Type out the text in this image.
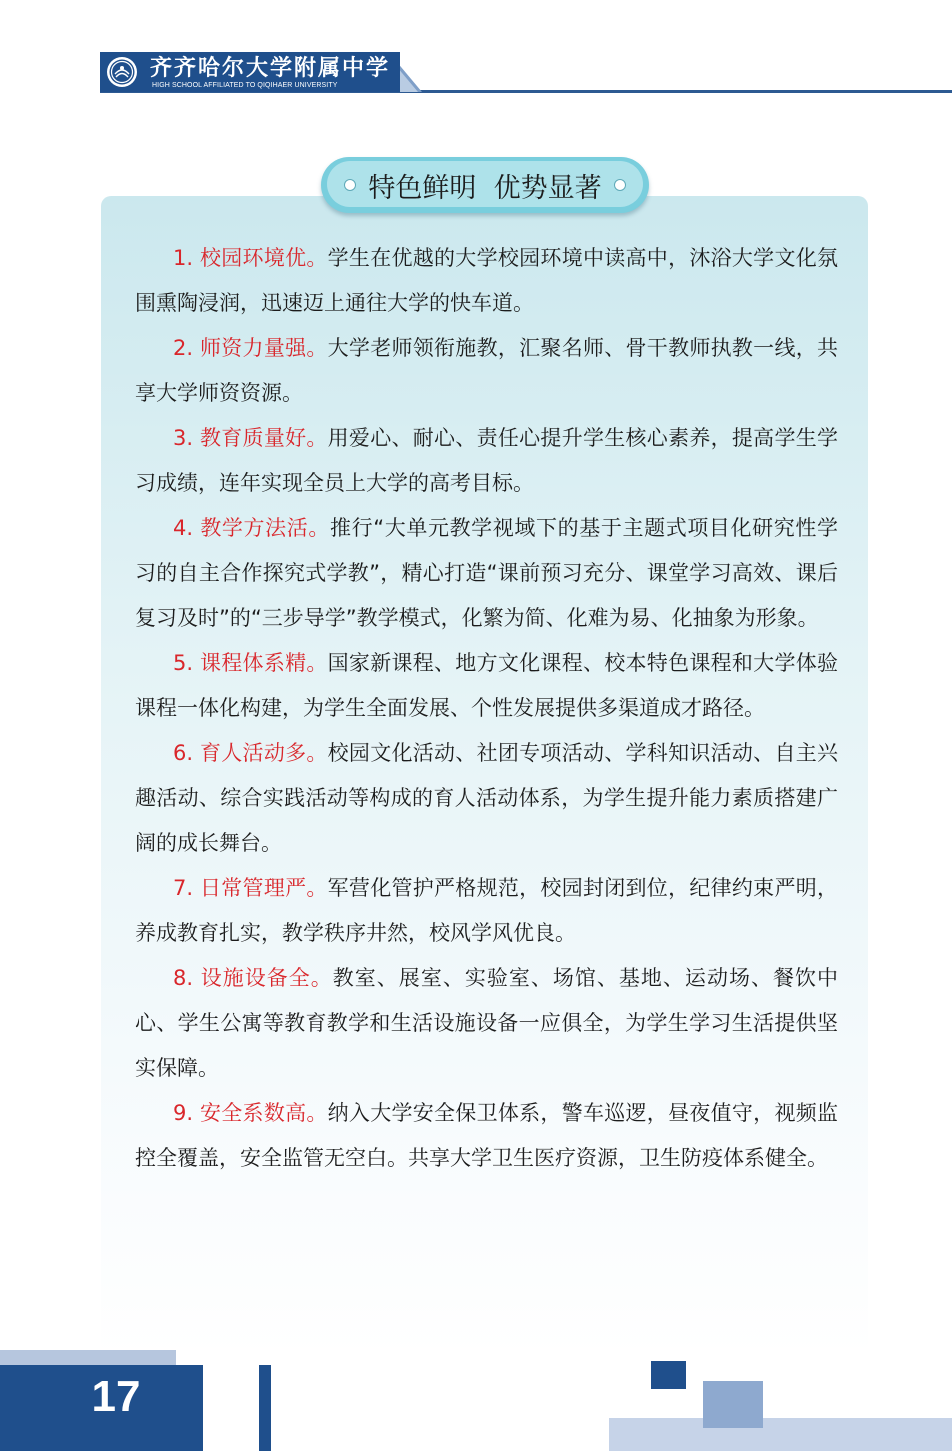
齐齐哈尔大学附属中学
HIGH SCHOOL AFFILIATED TO QIQIHAER UNIVERSITY
特色鲜明  优势显著

1. 校园环境优。学生在优越的大学校园环境中读高中，沐浴大学文化氛围熏陶浸润，迅速迈上通往大学的快车道。

2. 师资力量强。大学老师领衔施教，汇聚名师、骨干教师执教一线，共享大学师资资源。

3. 教育质量好。用爱心、耐心、责任心提升学生核心素养，提高学生学习成绩，连年实现全员上大学的高考目标。

4. 教学方法活。推行“大单元教学视域下的基于主题式项目化研究性学习的自主合作探究式学教”，精心打造“课前预习充分、课堂学习高效、课后复习及时”的“三步导学”教学模式，化繁为简、化难为易、化抽象为形象。

5. 课程体系精。国家新课程、地方文化课程、校本特色课程和大学体验课程一体化构建，为学生全面发展、个性发展提供多渠道成才路径。

6. 育人活动多。校园文化活动、社团专项活动、学科知识活动、自主兴趣活动、综合实践活动等构成的育人活动体系，为学生提升能力素质搭建广阔的成长舞台。

7. 日常管理严。军营化管护严格规范，校园封闭到位，纪律约束严明，养成教育扎实，教学秩序井然，校风学风优良。

8. 设施设备全。教室、展室、实验室、场馆、基地、运动场、餐饮中心、学生公寓等教育教学和生活设施设备一应俱全，为学生学习生活提供坚实保障。

9. 安全系数高。纳入大学安全保卫体系，警车巡逻，昼夜值守，视频监控全覆盖，安全监管无空白。共享大学卫生医疗资源，卫生防疫体系健全。

17
